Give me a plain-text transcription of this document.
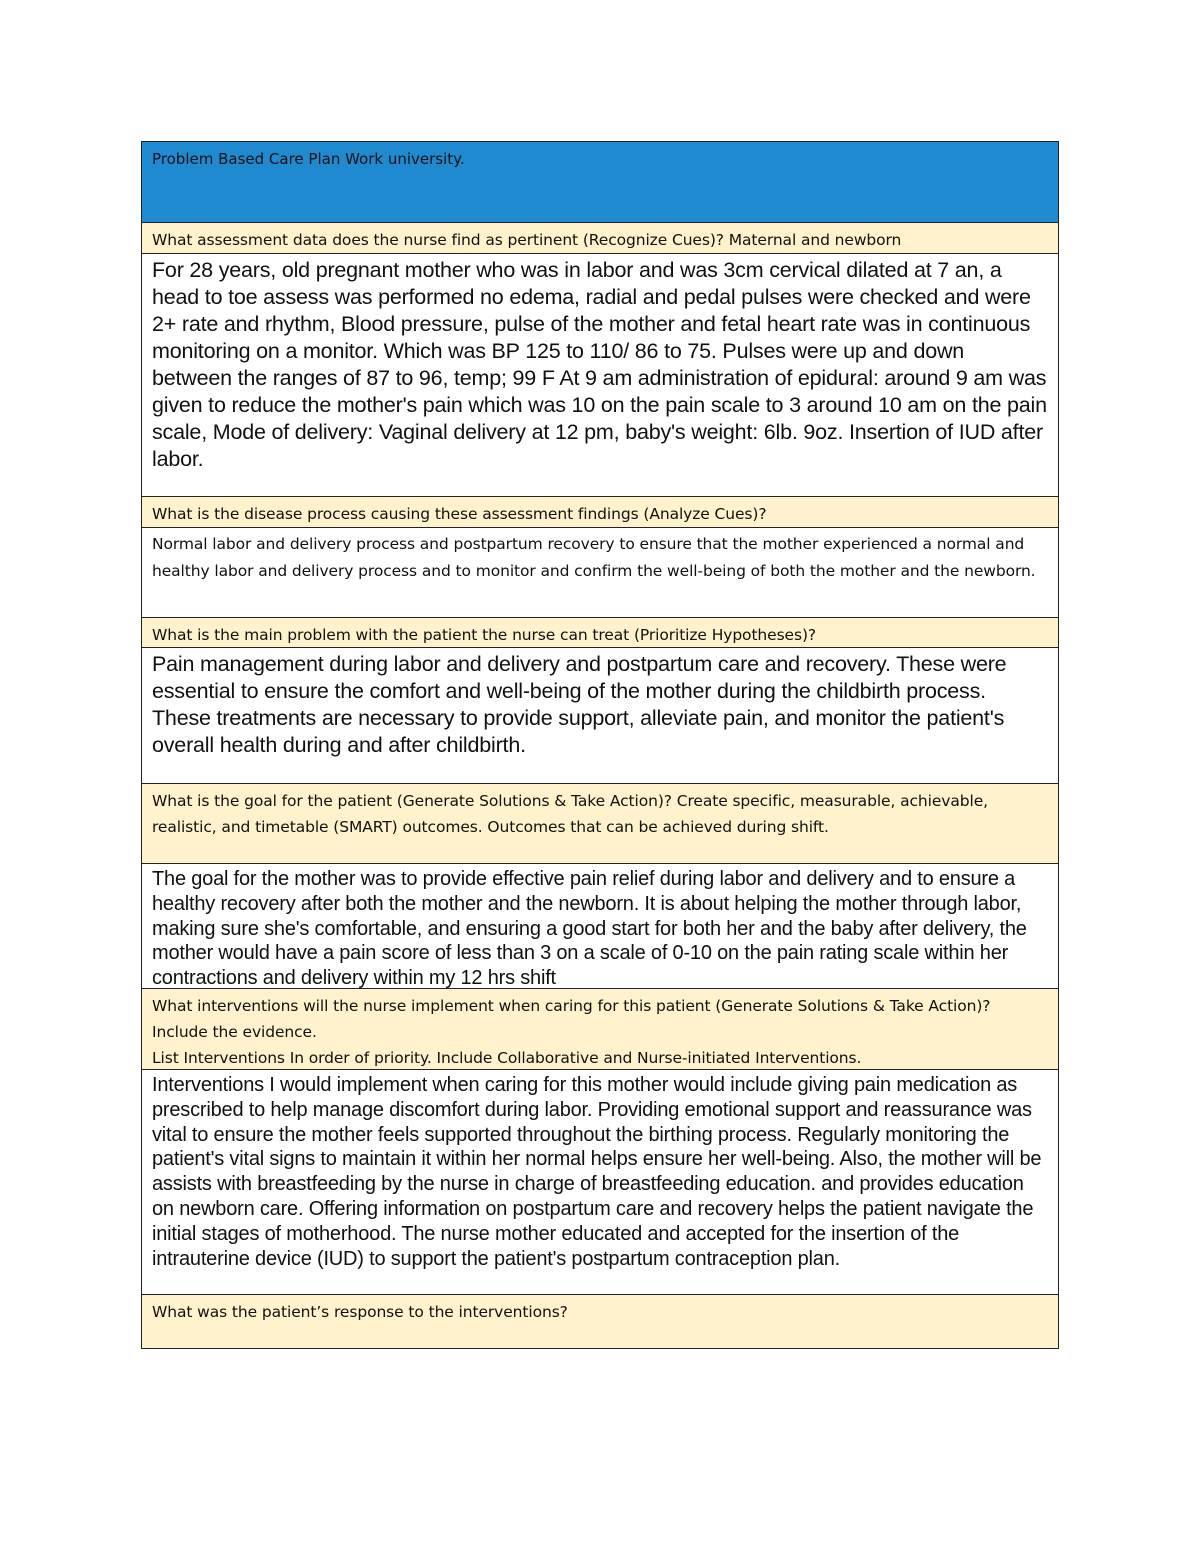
Problem Based Care Plan Work university.

What assessment data does the nurse find as pertinent (Recognize Cues)? Maternal and newborn

For 28 years, old pregnant mother who was in labor and was 3cm cervical dilated at 7 an, a head to toe assess was performed no edema, radial and pedal pulses were checked and were 2+ rate and rhythm, Blood pressure, pulse of the mother and fetal heart rate was in continuous monitoring on a monitor. Which was BP 125 to 110/ 86 to 75. Pulses were up and down between the ranges of 87 to 96, temp; 99 F At 9 am administration of epidural: around 9 am was given to reduce the mother's pain which was 10 on the pain scale to 3 around 10 am on the pain scale, Mode of delivery: Vaginal delivery at 12 pm, baby's weight: 6lb. 9oz. Insertion of IUD after labor.

What is the disease process causing these assessment findings (Analyze Cues)?

Normal labor and delivery process and postpartum recovery to ensure that the mother experienced a normal and healthy labor and delivery process and to monitor and confirm the well-being of both the mother and the newborn.

What is the main problem with the patient the nurse can treat (Prioritize Hypotheses)?

Pain management during labor and delivery and postpartum care and recovery. These were essential to ensure the comfort and well-being of the mother during the childbirth process. These treatments are necessary to provide support, alleviate pain, and monitor the patient's overall health during and after childbirth.

What is the goal for the patient (Generate Solutions & Take Action)? Create specific, measurable, achievable, realistic, and timetable (SMART) outcomes. Outcomes that can be achieved during shift.

The goal for the mother was to provide effective pain relief during labor and delivery and to ensure a healthy recovery after both the mother and the newborn. It is about helping the mother through labor, making sure she's comfortable, and ensuring a good start for both her and the baby after delivery, the mother would have a pain score of less than 3 on a scale of 0-10 on the pain rating scale within her contractions and delivery within my 12 hrs shift

What interventions will the nurse implement when caring for this patient (Generate Solutions & Take Action)? Include the evidence.

List Interventions In order of priority. Include Collaborative and Nurse-initiated Interventions.

Interventions I would implement when caring for this mother would include giving pain medication as prescribed to help manage discomfort during labor. Providing emotional support and reassurance was vital to ensure the mother feels supported throughout the birthing process. Regularly monitoring the patient's vital signs to maintain it within her normal helps ensure her well-being. Also, the mother will be assists with breastfeeding by the nurse in charge of breastfeeding education. and provides education on newborn care. Offering information on postpartum care and recovery helps the patient navigate the initial stages of motherhood. The nurse mother educated and accepted for the insertion of the intrauterine device (IUD) to support the patient's postpartum contraception plan.

What was the patient’s response to the interventions?
